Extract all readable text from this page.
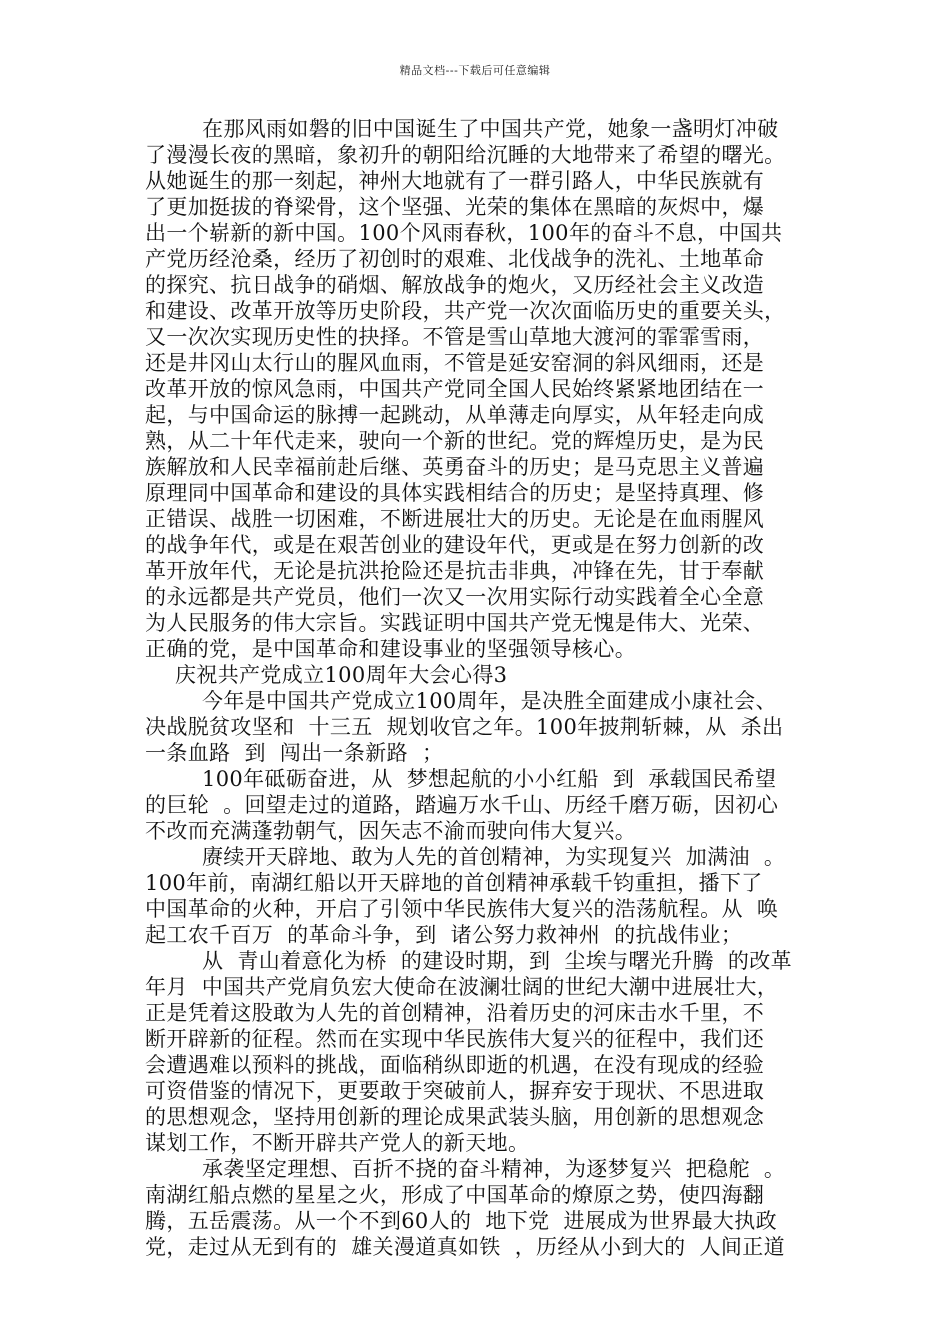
精品文档---下载后可任意编辑
在那风雨如磐的旧中国诞生了中国共产党，她象一盏明灯冲破
了漫漫长夜的黑暗，象初升的朝阳给沉睡的大地带来了希望的曙光。
从她诞生的那一刻起，神州大地就有了一群引路人，中华民族就有
了更加挺拔的脊梁骨，这个坚强、光荣的集体在黑暗的灰烬中，爆
出一个崭新的新中国。100个风雨春秋，100年的奋斗不息，中国共
产党历经沧桑，经历了初创时的艰难、北伐战争的洗礼、土地革命
的探究、抗日战争的硝烟、解放战争的炮火，又历经社会主义改造
和建设、改革开放等历史阶段，共产党一次次面临历史的重要关头，
又一次次实现历史性的抉择。不管是雪山草地大渡河的霏霏雪雨，
还是井冈山太行山的腥风血雨，不管是延安窑洞的斜风细雨，还是
改革开放的惊风急雨，中国共产党同全国人民始终紧紧地团结在一
起，与中国命运的脉搏一起跳动，从单薄走向厚实，从年轻走向成
熟，从二十年代走来，驶向一个新的世纪。党的辉煌历史，是为民
族解放和人民幸福前赴后继、英勇奋斗的历史；是马克思主义普遍
原理同中国革命和建设的具体实践相结合的历史；是坚持真理、修
正错误、战胜一切困难，不断进展壮大的历史。无论是在血雨腥风
的战争年代，或是在艰苦创业的建设年代，更或是在努力创新的改
革开放年代，无论是抗洪抢险还是抗击非典，冲锋在先，甘于奉献
的永远都是共产党员，他们一次又一次用实际行动实践着全心全意
为人民服务的伟大宗旨。实践证明中国共产党无愧是伟大、光荣、
正确的党，是中国革命和建设事业的坚强领导核心。
庆祝共产党成立100周年大会心得3
今年是中国共产党成立100周年，是决胜全面建成小康社会、
决战脱贫攻坚和  十三五  规划收官之年。100年披荆斩棘，从  杀出
一条血路  到  闯出一条新路  ；
100年砥砺奋进，从  梦想起航的小小红船  到  承载国民希望
的巨轮  。回望走过的道路，踏遍万水千山、历经千磨万砺，因初心
不改而充满蓬勃朝气，因矢志不渝而驶向伟大复兴。
赓续开天辟地、敢为人先的首创精神，为实现复兴  加满油  。
100年前，南湖红船以开天辟地的首创精神承载千钧重担，播下了
中国革命的火种，开启了引领中华民族伟大复兴的浩荡航程。从  唤
起工农千百万  的革命斗争，到  诸公努力救神州  的抗战伟业；
从  青山着意化为桥  的建设时期，到  尘埃与曙光升腾  的改革
年月  中国共产党肩负宏大使命在波澜壮阔的世纪大潮中进展壮大，
正是凭着这股敢为人先的首创精神，沿着历史的河床击水千里，不
断开辟新的征程。然而在实现中华民族伟大复兴的征程中，我们还
会遭遇难以预料的挑战，面临稍纵即逝的机遇，在没有现成的经验
可资借鉴的情况下，更要敢于突破前人，摒弃安于现状、不思进取
的思想观念，坚持用创新的理论成果武装头脑，用创新的思想观念
谋划工作，不断开辟共产党人的新天地。
承袭坚定理想、百折不挠的奋斗精神，为逐梦复兴  把稳舵  。
南湖红船点燃的星星之火，形成了中国革命的燎原之势，使四海翻
腾，五岳震荡。从一个不到60人的  地下党  进展成为世界最大执政
党，走过从无到有的  雄关漫道真如铁  ，历经从小到大的  人间正道
